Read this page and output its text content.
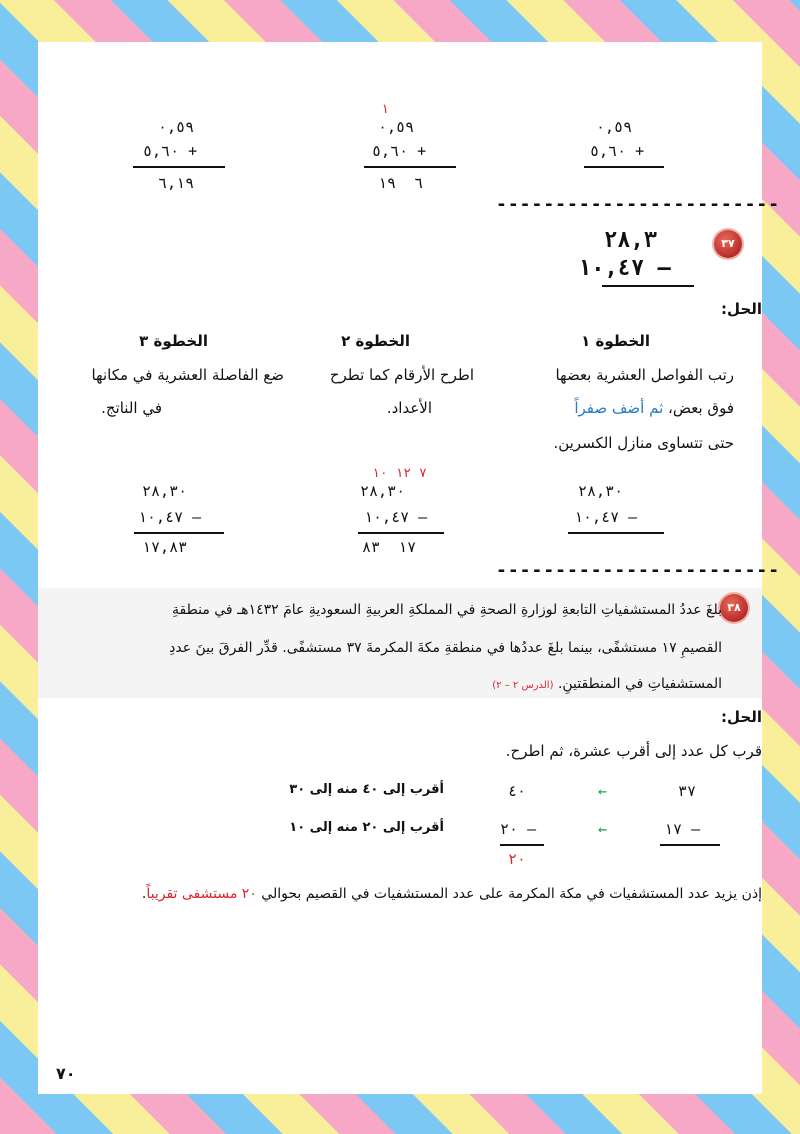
٠,٥٩
٥,٦٠ +
٦,١٩
١
٠,٥٩
٥,٦٠ +
٦  ١٩
٠,٥٩
٥,٦٠ +
------------------------
٣٧
٢٨,٣
١٠,٤٧ –
الحل:
الخطوة ١
الخطوة ٢
الخطوة ٣
رتب الفواصل العشرية بعضها
فوق بعض، ثم أضف صفراً
حتى تتساوى منازل الكسرين.
اطرح الأرقام كما تطرح
الأعداد.
ضع الفاصلة العشرية في مكانها
في الناتج.
٢٨,٣٠
١٠,٤٧ –
٧ ١٢ ١٠
٢٨,٣٠
١٠,٤٧ –
١٧  ٨٣
٢٨,٣٠
١٠,٤٧ –
١٧,٨٣
------------------------
٣٨
بلغَ عددُ المستشفياتِ التابعةِ لوزارةِ الصحةِ في المملكةِ العربيةِ السعوديةِ عامَ ١٤٣٢هـ في منطقةِ
القصيمِ ١٧ مستشفًى، بينما بلغَ عددُها في منطقةِ مكةَ المكرمةَ ٣٧ مستشفًى. قدِّر الفرقَ بينَ عددِ
المستشفياتِ في المنطقتينِ. (الدرس ٢ – ٢)
الحل:
قرب كل عدد إلى أقرب عشرة، ثم اطرح.
٣٧
←
٤٠
أقرب إلى ٤٠ منه إلى ٣٠
١٧ –
←
٢٠ –
أقرب إلى ٢٠ منه إلى ١٠
٢٠
إذن يزيد عدد المستشفيات في مكة المكرمة على عدد المستشفيات في القصيم بحوالي ٢٠ مستشفى تقريباً.
٧٠
